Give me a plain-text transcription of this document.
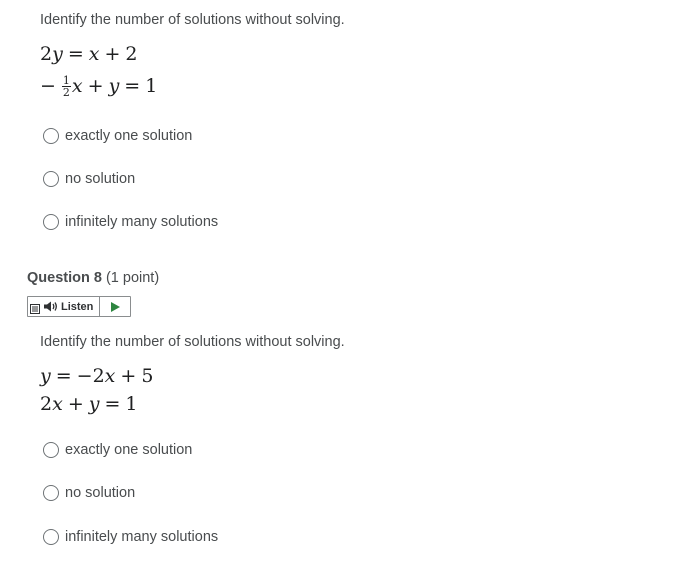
Identify the number of solutions without solving.
2y = x + 2
− $\frac{1}{2}$ x + y = 1
exactly one solution
no solution
infinitely many solutions
Question 8 (1 point)
Listen
Identify the number of solutions without solving.
y = −2x + 5
2x + y = 1
exactly one solution
no solution
infinitely many solutions
